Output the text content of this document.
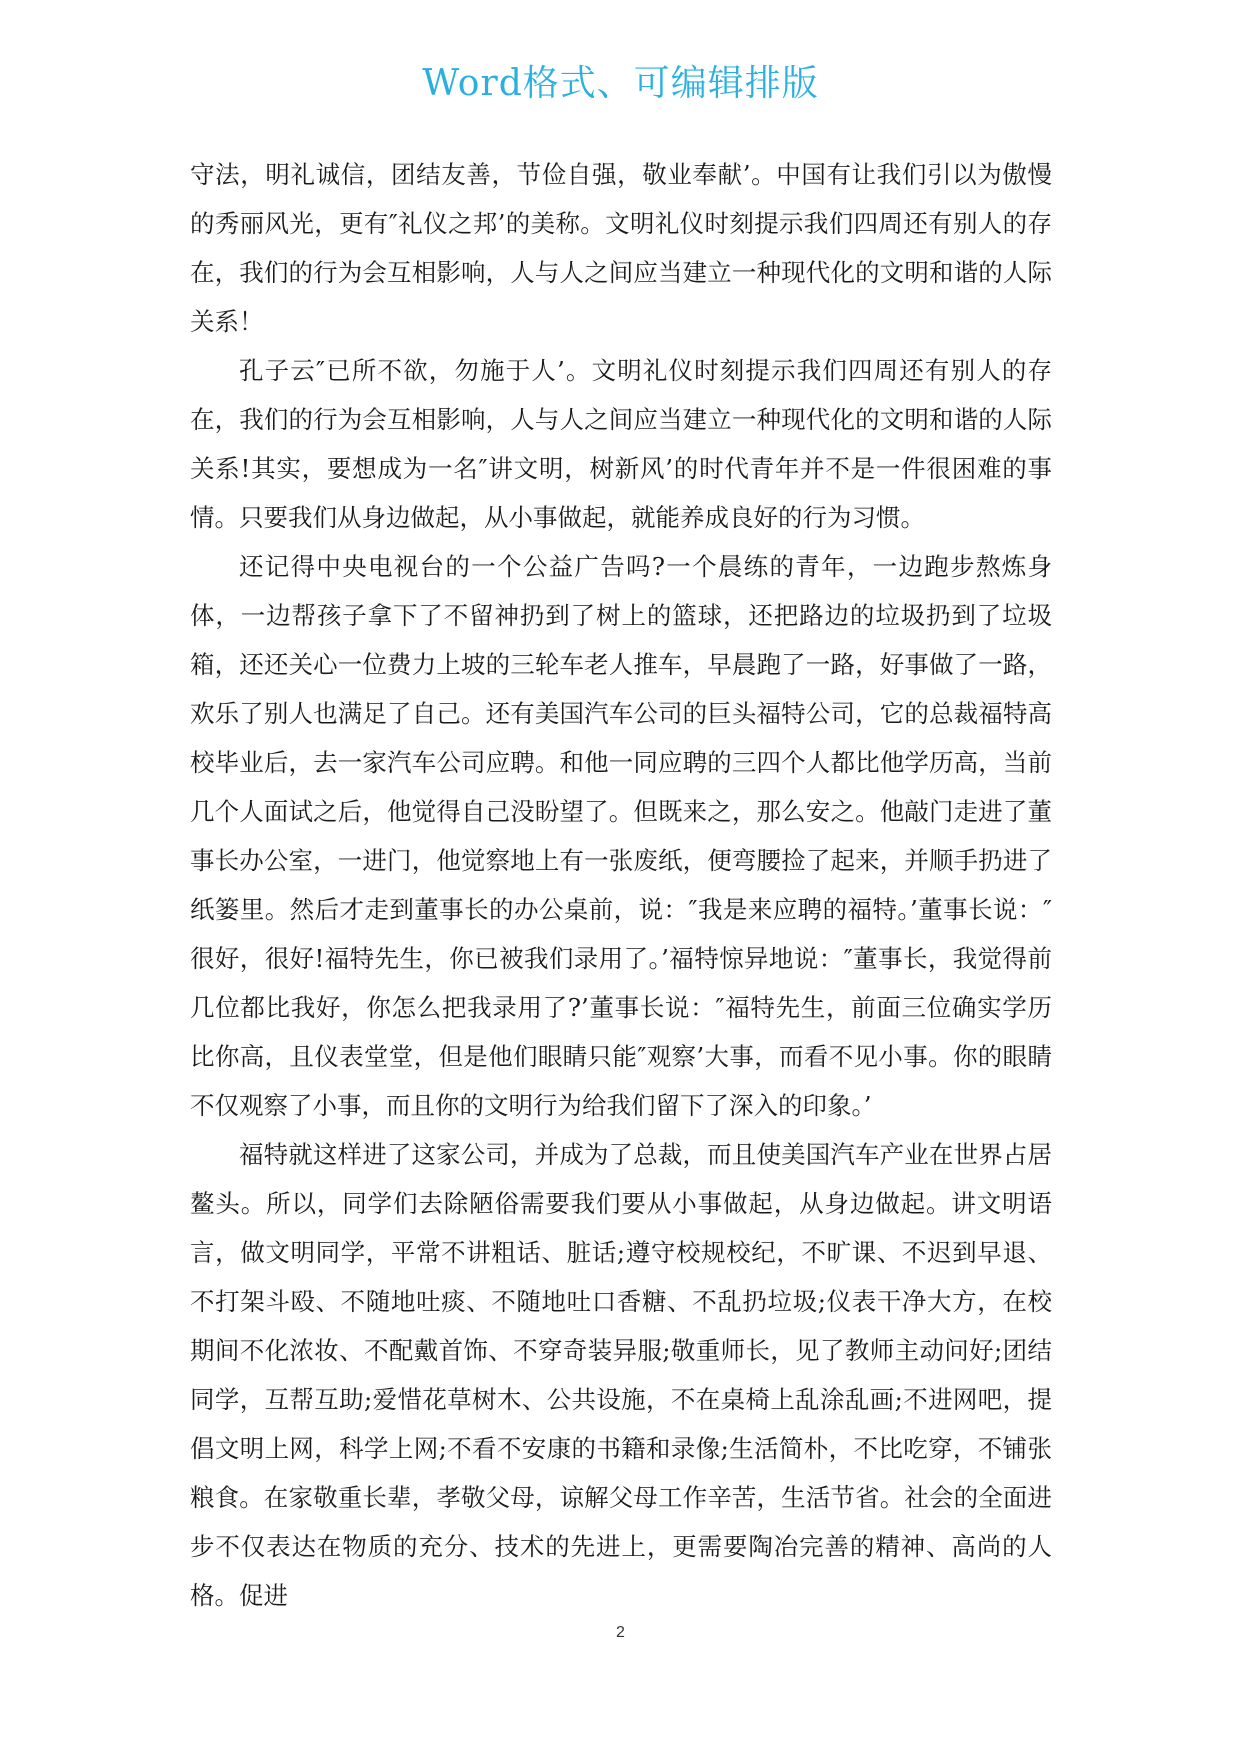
Word格式、可编辑排版

守法，明礼诚信，团结友善，节俭自强，敬业奉献’。中国有让我们引以为傲慢的秀丽风光，更有″礼仪之邦’的美称。文明礼仪时刻提示我们四周还有别人的存在，我们的行为会互相影响，人与人之间应当建立一种现代化的文明和谐的人际关系！

孔子云″已所不欲，勿施于人’。文明礼仪时刻提示我们四周还有别人的存在，我们的行为会互相影响，人与人之间应当建立一种现代化的文明和谐的人际关系!其实，要想成为一名″讲文明，树新风’的时代青年并不是一件很困难的事情。只要我们从身边做起，从小事做起，就能养成良好的行为习惯。

还记得中央电视台的一个公益广告吗?一个晨练的青年，一边跑步熬炼身体，一边帮孩子拿下了不留神扔到了树上的篮球，还把路边的垃圾扔到了垃圾箱，还还关心一位费力上坡的三轮车老人推车，早晨跑了一路，好事做了一路，欢乐了别人也满足了自己。还有美国汽车公司的巨头福特公司，它的总裁福特高校毕业后，去一家汽车公司应聘。和他一同应聘的三四个人都比他学历高，当前几个人面试之后，他觉得自己没盼望了。但既来之，那么安之。他敲门走进了董事长办公室，一进门，他觉察地上有一张废纸，便弯腰捡了起来，并顺手扔进了纸篓里。然后才走到董事长的办公桌前，说：″我是来应聘的福特。’董事长说：″很好，很好!福特先生，你已被我们录用了。’福特惊异地说：″董事长，我觉得前几位都比我好，你怎么把我录用了?’董事长说：″福特先生，前面三位确实学历比你高，且仪表堂堂，但是他们眼睛只能″观察’大事，而看不见小事。你的眼睛不仅观察了小事，而且你的文明行为给我们留下了深入的印象。’

福特就这样进了这家公司，并成为了总裁，而且使美国汽车产业在世界占居鳌头。所以，同学们去除陋俗需要我们要从小事做起，从身边做起。讲文明语言，做文明同学，平常不讲粗话、脏话;遵守校规校纪，不旷课、不迟到早退、不打架斗殴、不随地吐痰、不随地吐口香糖、不乱扔垃圾;仪表干净大方，在校期间不化浓妆、不配戴首饰、不穿奇装异服;敬重师长，见了教师主动问好;团结同学，互帮互助;爱惜花草树木、公共设施，不在桌椅上乱涂乱画;不进网吧，提倡文明上网，科学上网;不看不安康的书籍和录像;生活简朴，不比吃穿，不铺张粮食。在家敬重长辈，孝敬父母，谅解父母工作辛苦，生活节省。社会的全面进步不仅表达在物质的充分、技术的先进上，更需要陶冶完善的精神、高尚的人格。促进

2
